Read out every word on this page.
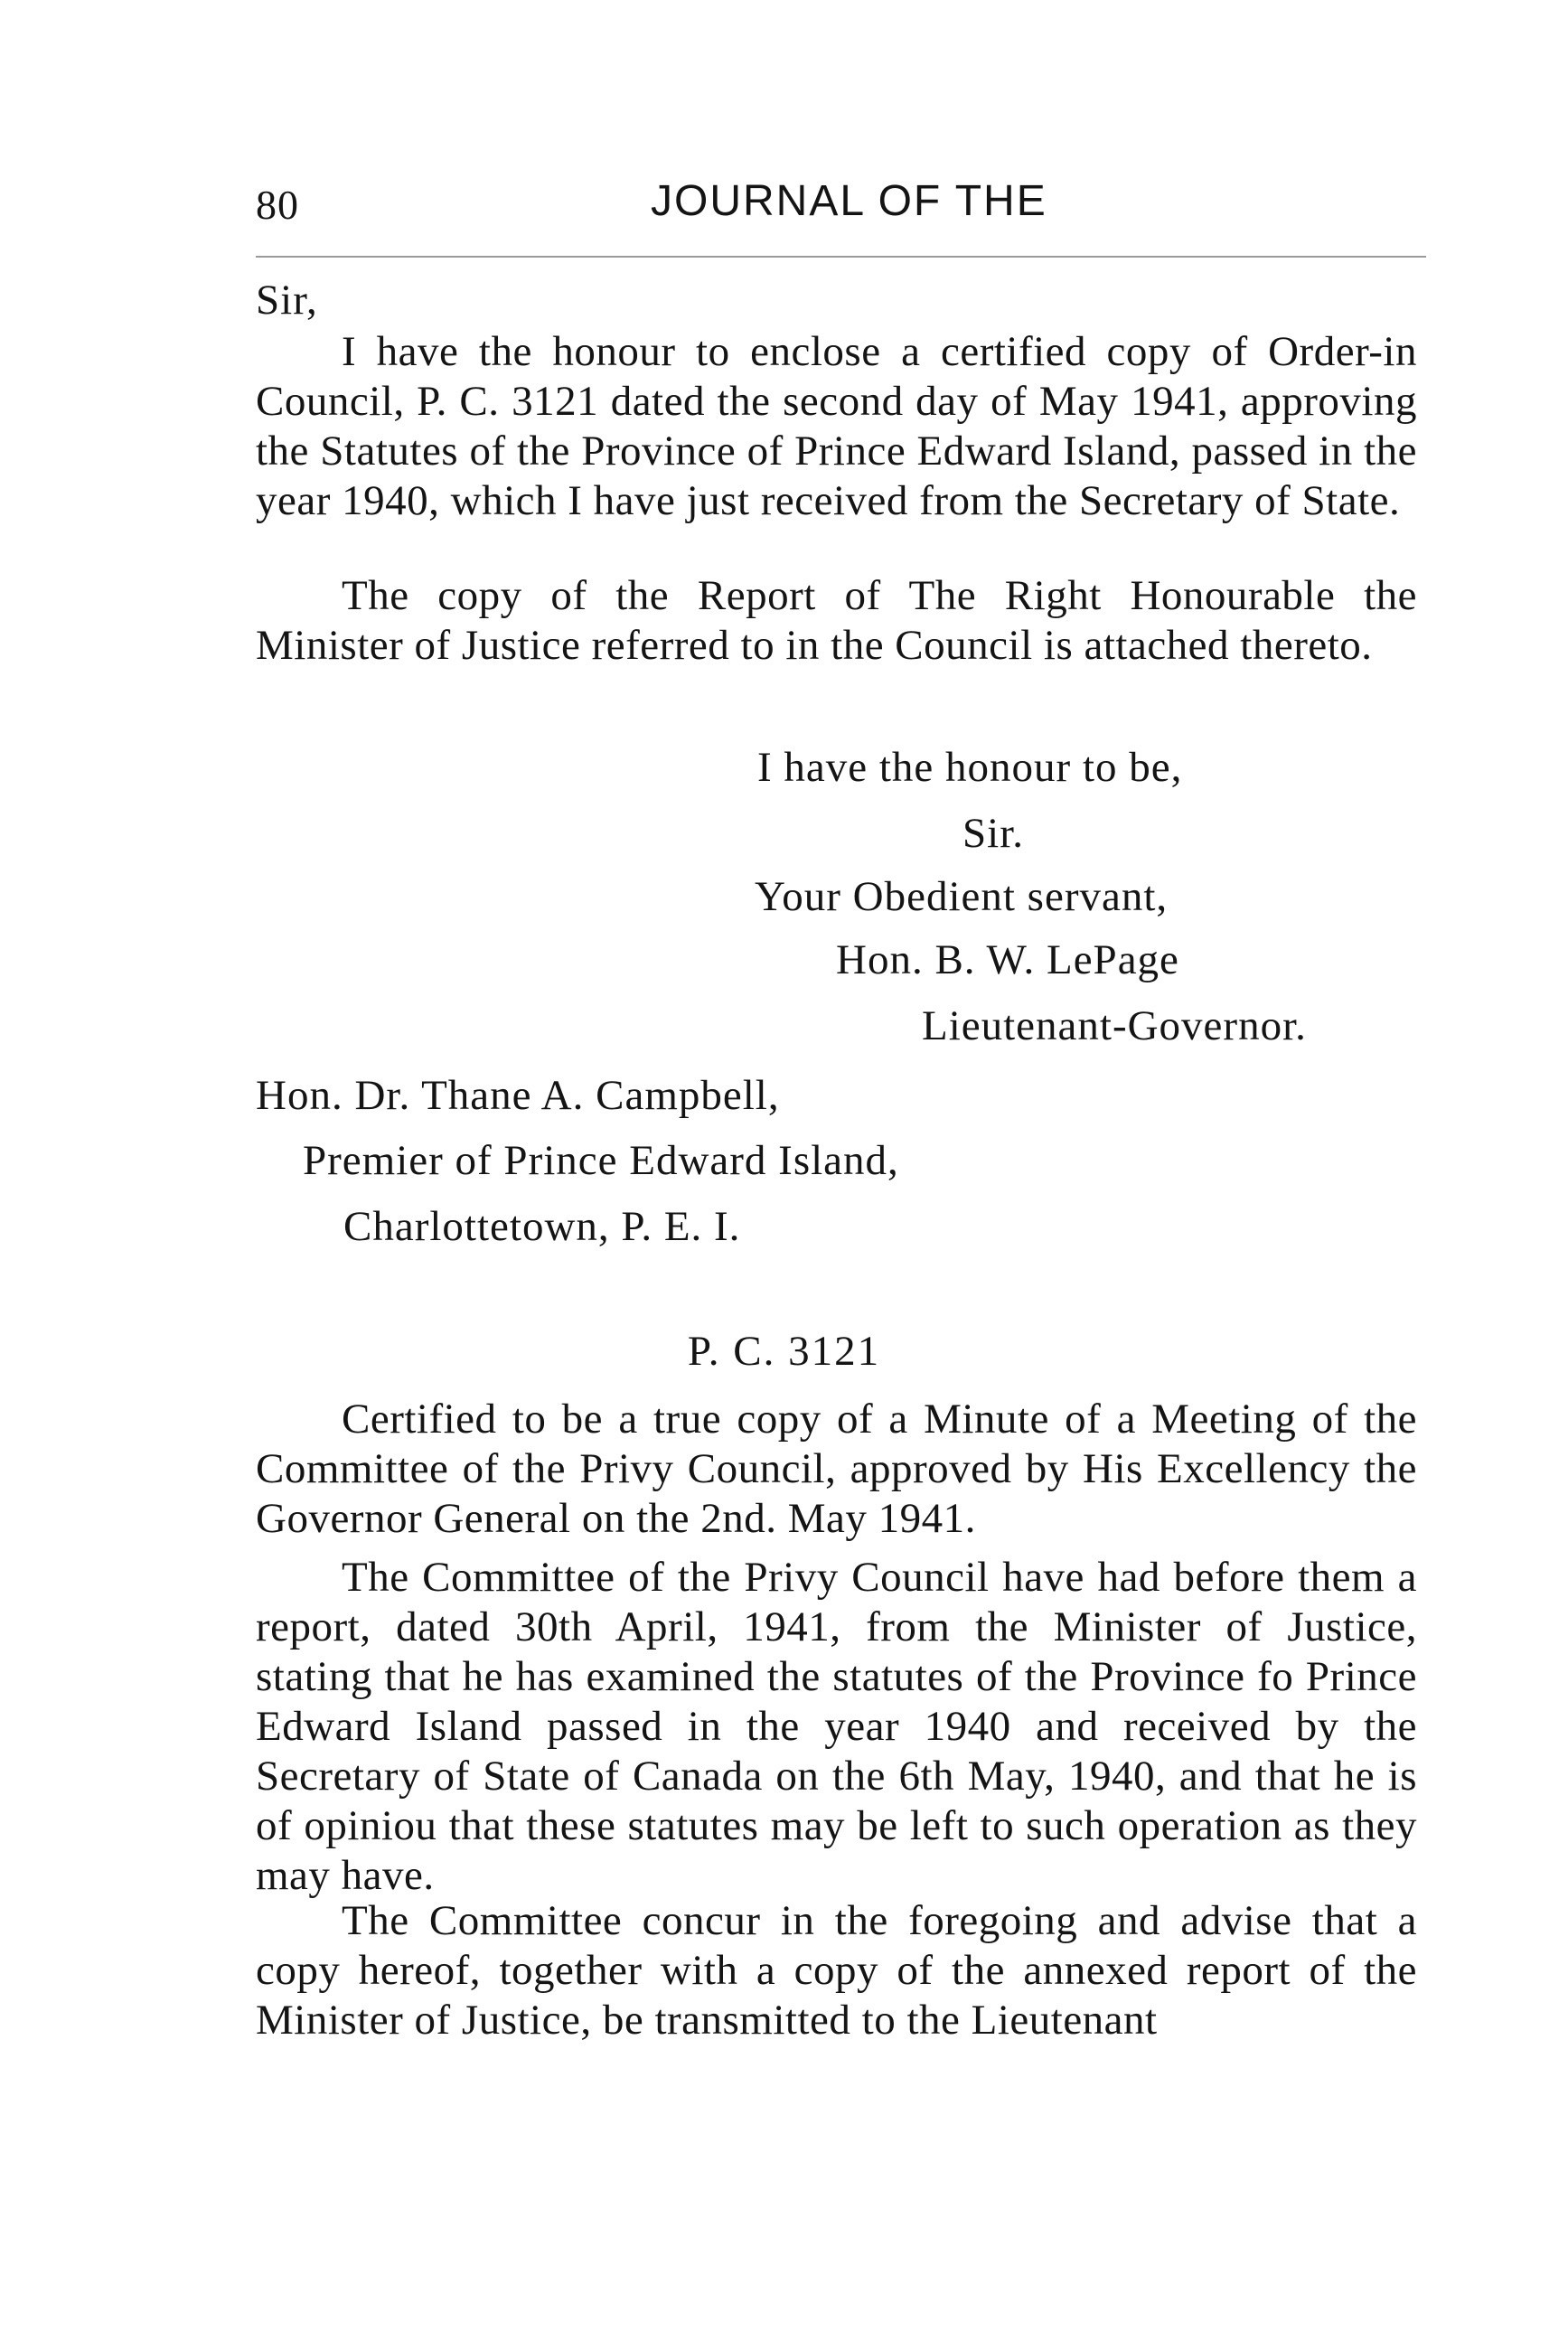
80	JOURNAL OF THE

Sir,

I have the honour to enclose a certified copy of Order-in Council, P. C. 3121 dated the second day of May 1941, approving the Statutes of the Province of Prince Edward Island, passed in the year 1940, which I have just received from the Secretary of State.

The copy of the Report of The Right Honourable the Minister of Justice referred to in the Council is attached thereto.

I have the honour to be,

Sir.

Your Obedient servant,

Hon. B. W. LePage

Lieutenant-Governor.

Hon. Dr. Thane A. Campbell,

Premier of Prince Edward Island,

Charlottetown, P. E. I.

P. C. 3121

Certified to be a true copy of a Minute of a Meeting of the Committee of the Privy Council, approved by His Excellency the Governor General on the 2nd. May 1941.

The Committee of the Privy Council have had before them a report, dated 30th April, 1941, from the Minister of Justice, stating that he has examined the statutes of the Province fo Prince Edward Island passed in the year 1940 and received by the Secretary of State of Canada on the 6th May, 1940, and that he is of opiniou that these statutes may be left to such operation as they may have.

The Committee concur in the foregoing and advise that a copy hereof, together with a copy of the annexed report of the Minister of Justice, be transmitted to the Lieutenant
